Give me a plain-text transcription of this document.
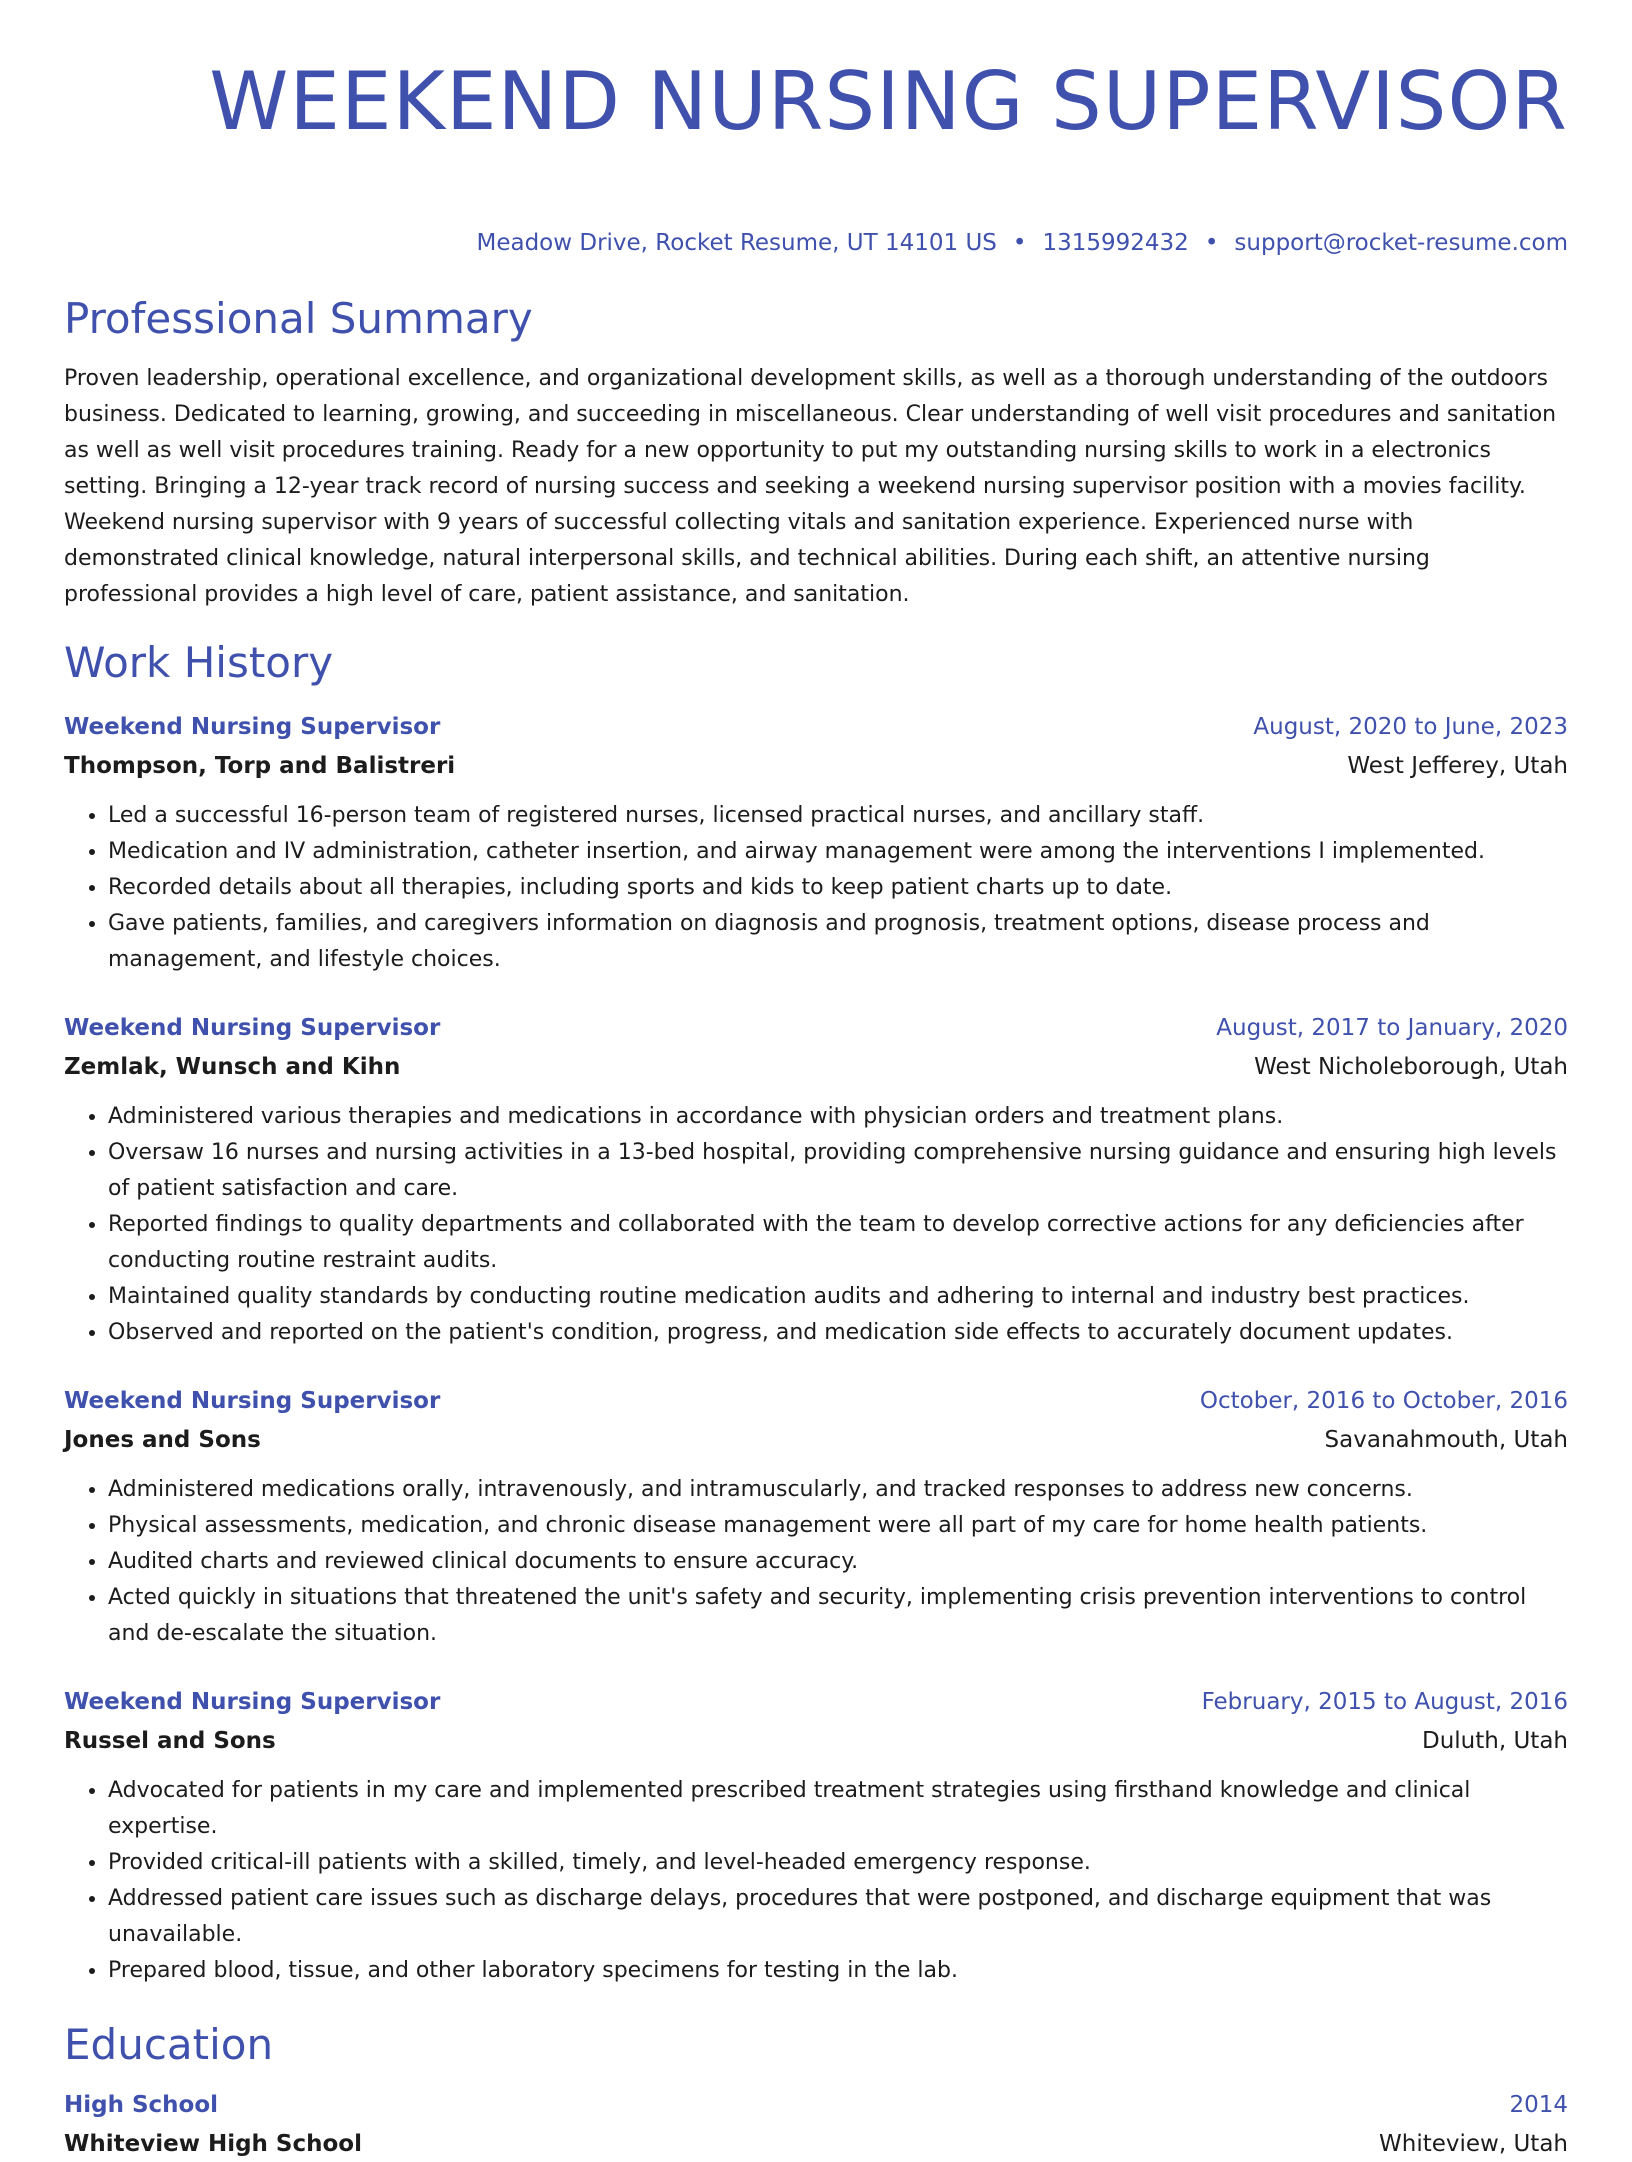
WEEKEND NURSING SUPERVISOR
Meadow Drive, Rocket Resume, UT 14101 US • 1315992432 • support@rocket-resume.com
Professional Summary

Proven leadership, operational excellence, and organizational development skills, as well as a thorough understanding of the outdoors business. Dedicated to learning, growing, and succeeding in miscellaneous. Clear understanding of well visit procedures and sanitation as well as well visit procedures training. Ready for a new opportunity to put my outstanding nursing skills to work in a electronics setting. Bringing a 12-year track record of nursing success and seeking a weekend nursing supervisor position with a movies facility. Weekend nursing supervisor with 9 years of successful collecting vitals and sanitation experience. Experienced nurse with demonstrated clinical knowledge, natural interpersonal skills, and technical abilities. During each shift, an attentive nursing professional provides a high level of care, patient assistance, and sanitation.

Work History
Weekend Nursing Supervisor	August, 2020 to June, 2023
Thompson, Torp and Balistreri	West Jefferey, Utah
• Led a successful 16-person team of registered nurses, licensed practical nurses, and ancillary staff.
• Medication and IV administration, catheter insertion, and airway management were among the interventions I implemented.
• Recorded details about all therapies, including sports and kids to keep patient charts up to date.
• Gave patients, families, and caregivers information on diagnosis and prognosis, treatment options, disease process and management, and lifestyle choices.
Weekend Nursing Supervisor	August, 2017 to January, 2020
Zemlak, Wunsch and Kihn	West Nicholeborough, Utah
• Administered various therapies and medications in accordance with physician orders and treatment plans.
• Oversaw 16 nurses and nursing activities in a 13-bed hospital, providing comprehensive nursing guidance and ensuring high levels of patient satisfaction and care.
• Reported findings to quality departments and collaborated with the team to develop corrective actions for any deficiencies after conducting routine restraint audits.
• Maintained quality standards by conducting routine medication audits and adhering to internal and industry best practices.
• Observed and reported on the patient's condition, progress, and medication side effects to accurately document updates.
Weekend Nursing Supervisor	October, 2016 to October, 2016
Jones and Sons	Savanahmouth, Utah
• Administered medications orally, intravenously, and intramuscularly, and tracked responses to address new concerns.
• Physical assessments, medication, and chronic disease management were all part of my care for home health patients.
• Audited charts and reviewed clinical documents to ensure accuracy.
• Acted quickly in situations that threatened the unit's safety and security, implementing crisis prevention interventions to control and de-escalate the situation.
Weekend Nursing Supervisor	February, 2015 to August, 2016
Russel and Sons	Duluth, Utah
• Advocated for patients in my care and implemented prescribed treatment strategies using firsthand knowledge and clinical expertise.
• Provided critical-ill patients with a skilled, timely, and level-headed emergency response.
• Addressed patient care issues such as discharge delays, procedures that were postponed, and discharge equipment that was unavailable.
• Prepared blood, tissue, and other laboratory specimens for testing in the lab.
Education
High School	2014
Whiteview High School	Whiteview, Utah
